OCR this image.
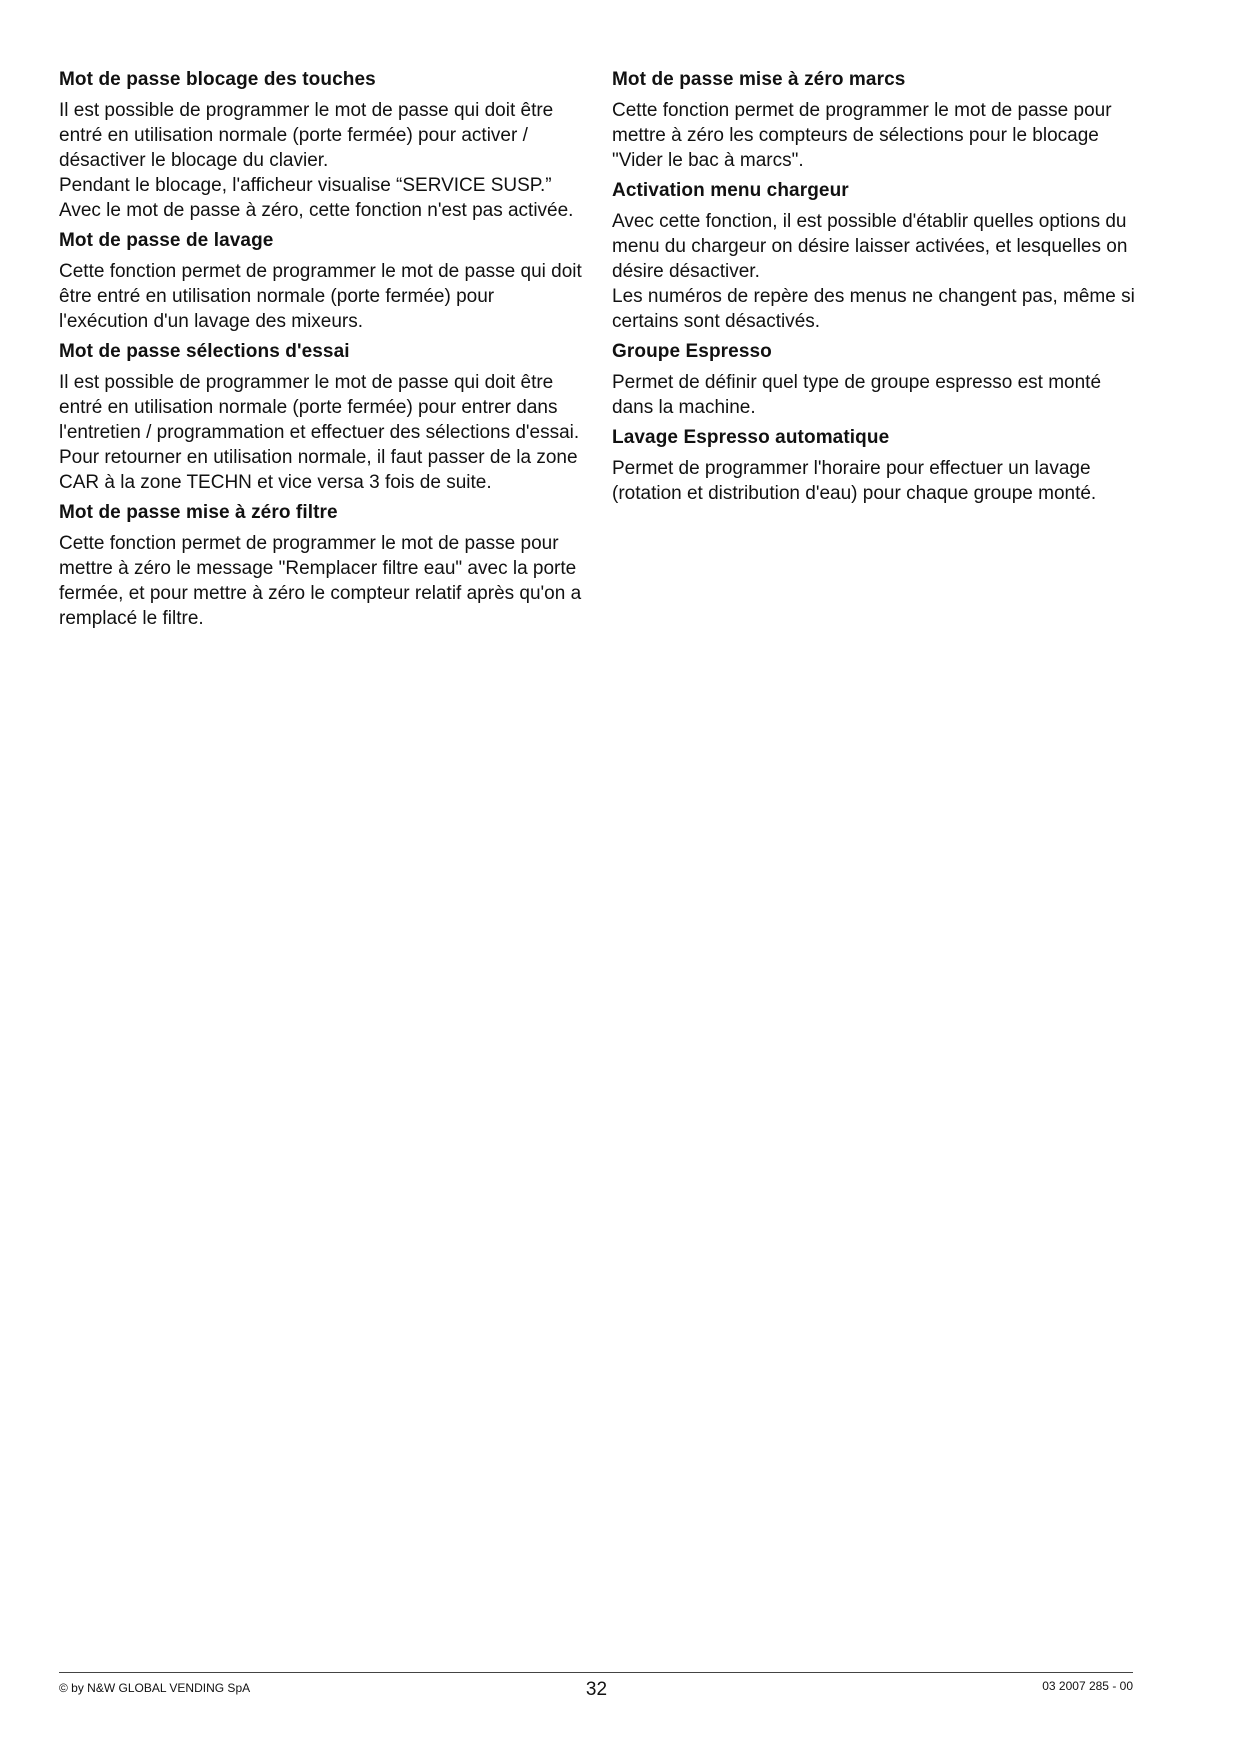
Mot de passe blocage des touches

Il est possible de programmer le mot de passe qui doit être entré en utilisation normale (porte fermée) pour activer / désactiver le blocage du clavier.

Pendant le blocage, l'afficheur visualise “SERVICE SUSP.”

Avec le mot de passe à zéro, cette fonction n'est pas activée.

Mot de passe de lavage

Cette fonction permet de programmer le mot de passe qui doit être entré en utilisation normale (porte fermée) pour l'exécution d'un lavage des mixeurs.

Mot de passe sélections d'essai

Il est possible de programmer le mot de passe qui doit être entré en utilisation normale (porte fermée) pour entrer dans l'entretien / programmation et effectuer des sélections d'essai.

Pour retourner en utilisation normale, il faut passer de la zone CAR à la zone TECHN et vice versa 3 fois de suite.

Mot de passe mise à zéro filtre

Cette fonction permet de programmer le mot de passe pour mettre à zéro le message "Remplacer filtre eau" avec la porte fermée, et pour mettre à zéro le compteur relatif après qu'on a remplacé le filtre.

Mot de passe mise à zéro marcs

Cette fonction permet de programmer le mot de passe pour mettre à zéro les compteurs de sélections pour le blocage "Vider le bac à marcs".

Activation menu chargeur

Avec cette fonction, il est possible d'établir quelles options du menu du chargeur on désire laisser activées, et lesquelles on désire désactiver.

Les numéros de repère des menus ne changent pas, même si certains sont désactivés.

Groupe Espresso

Permet de définir quel type de groupe espresso est monté dans la machine.

Lavage Espresso automatique

Permet de programmer l'horaire pour effectuer un lavage (rotation et distribution d'eau) pour chaque groupe monté.

© by N&W GLOBAL VENDING SpA	32	03 2007 285 - 00
